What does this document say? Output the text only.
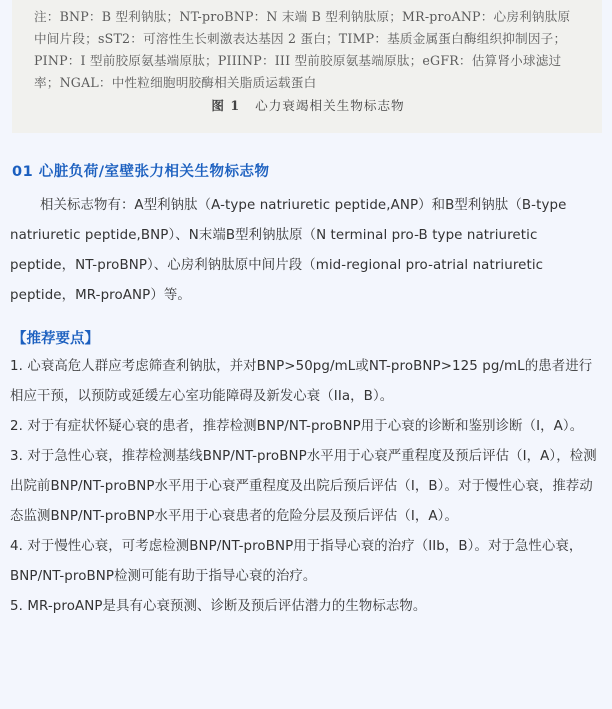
注：BNP：B 型利钠肽；NT-proBNP：N 末端 B 型利钠肽原；MR-proANP：心房利钠肽原中间片段；sST2：可溶性生长刺激表达基因 2 蛋白；TIMP：基质金属蛋白酶组织抑制因子；PINP：I 型前胶原氨基端原肽；PIIINP：III 型前胶原氨基端原肽；eGFR：估算肾小球滤过率；NGAL：中性粒细胞明胶酶相关脂质运载蛋白

图 1 心力衰竭相关生物标志物
01 心脏负荷/室壁张力相关生物标志物

相关标志物有：A型利钠肽（A-type natriuretic peptide,ANP）和B型利钠肽（B-type natriuretic peptide,BNP）、N末端B型利钠肽原（N terminal pro-B type natriuretic peptide，NT-proBNP）、心房利钠肽原中间片段（mid-regional pro-atrial natriuretic peptide，MR-proANP）等。

【推荐要点】
1. 心衰高危人群应考虑筛查利钠肽，并对BNP>50pg/mL或NT-proBNP>125 pg/mL的患者进行相应干预，以预防或延缓左心室功能障碍及新发心衰（IIa，B）。
2. 对于有症状怀疑心衰的患者，推荐检测BNP/NT-proBNP用于心衰的诊断和鉴别诊断（I，A）。
3. 对于急性心衰，推荐检测基线BNP/NT-proBNP水平用于心衰严重程度及预后评估（I，A），检测出院前BNP/NT-proBNP水平用于心衰严重程度及出院后预后评估（I，B）。对于慢性心衰，推荐动态监测BNP/NT-proBNP水平用于心衰患者的危险分层及预后评估（I，A）。
4. 对于慢性心衰，可考虑检测BNP/NT-proBNP用于指导心衰的治疗（IIb，B）。对于急性心衰，BNP/NT-proBNP检测可能有助于指导心衰的治疗。
5. MR-proANP是具有心衰预测、诊断及预后评估潜力的生物标志物。
